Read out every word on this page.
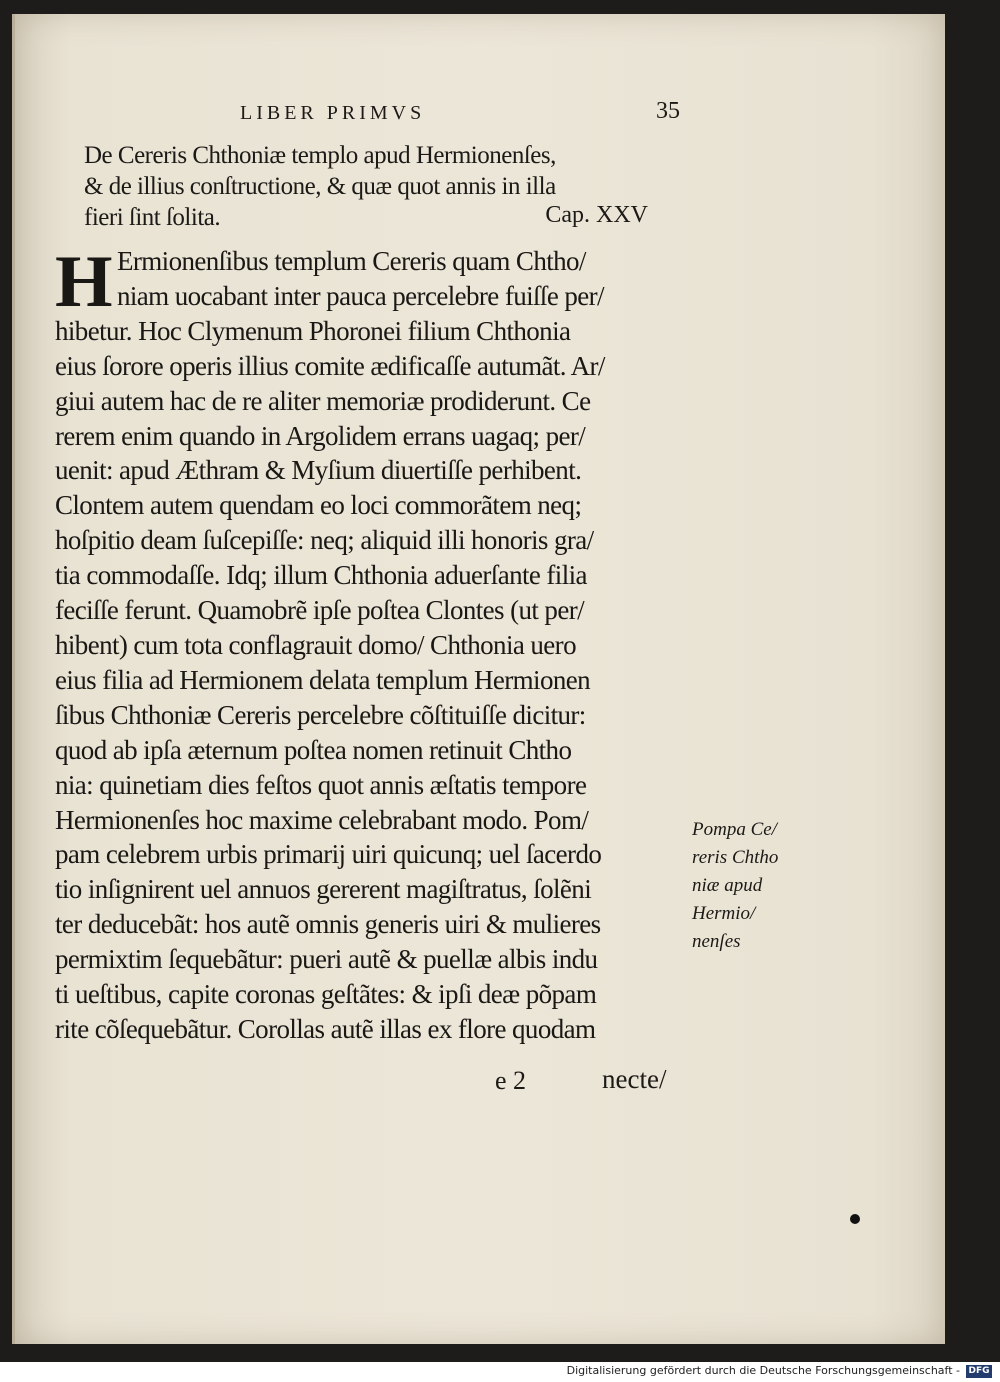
LIBER PRIMVS	35
De Cereris Chthoniæ templo apud Hermionenſes,
& de illius conſtructione, & quæ quot annis in illa
fieri ſint ſolita.	Cap. XXV
H Ermionenſibus templum Cereris quam Chtho/
niam uocabant inter pauca percelebre fuiſſe per/
hibetur. Hoc Clymenum Phoronei filium Chthonia
eius ſorore operis illius comite ædificaſſe autumãt. Ar/
giui autem hac de re aliter memoriæ prodiderunt. Ce
rerem enim quando in Argolidem errans uagaq; per/
uenit: apud Æthram & Myſium diuertiſſe perhibent.
Clontem autem quendam eo loci commorãtem neq;
hoſpitio deam ſuſcepiſſe: neq; aliquid illi honoris gra/
tia commodaſſe. Idq; illum Chthonia aduerſante filia
feciſſe ferunt. Quamobrẽ ipſe poſtea Clontes (ut per/
hibent) cum tota conflagrauit domo/ Chthonia uero
eius filia ad Hermionem delata templum Hermionen
ſibus Chthoniæ Cereris percelebre cõſtituiſſe dicitur:
quod ab ipſa æternum poſtea nomen retinuit Chtho
nia: quinetiam dies feſtos quot annis æſtatis tempore
Hermionenſes hoc maxime celebrabant modo. Pom/
pam celebrem urbis primarij uiri quicunq; uel ſacerdo
tio inſignirent uel annuos gererent magiſtratus, ſolẽni
ter deducebãt: hos autẽ omnis generis uiri & mulieres
permixtim ſequebãtur: pueri autẽ & puellæ albis indu
ti ueſtibus, capite coronas geſtãtes: & ipſi deæ põpam
rite cõſequebãtur. Corollas autẽ illas ex flore quodam
Pompa Ce/
reris Chtho
niæ apud
Hermio/
nenſes
e 2	necte/
Digitalisierung gefördert durch die Deutsche Forschungsgemeinschaft - DFG
